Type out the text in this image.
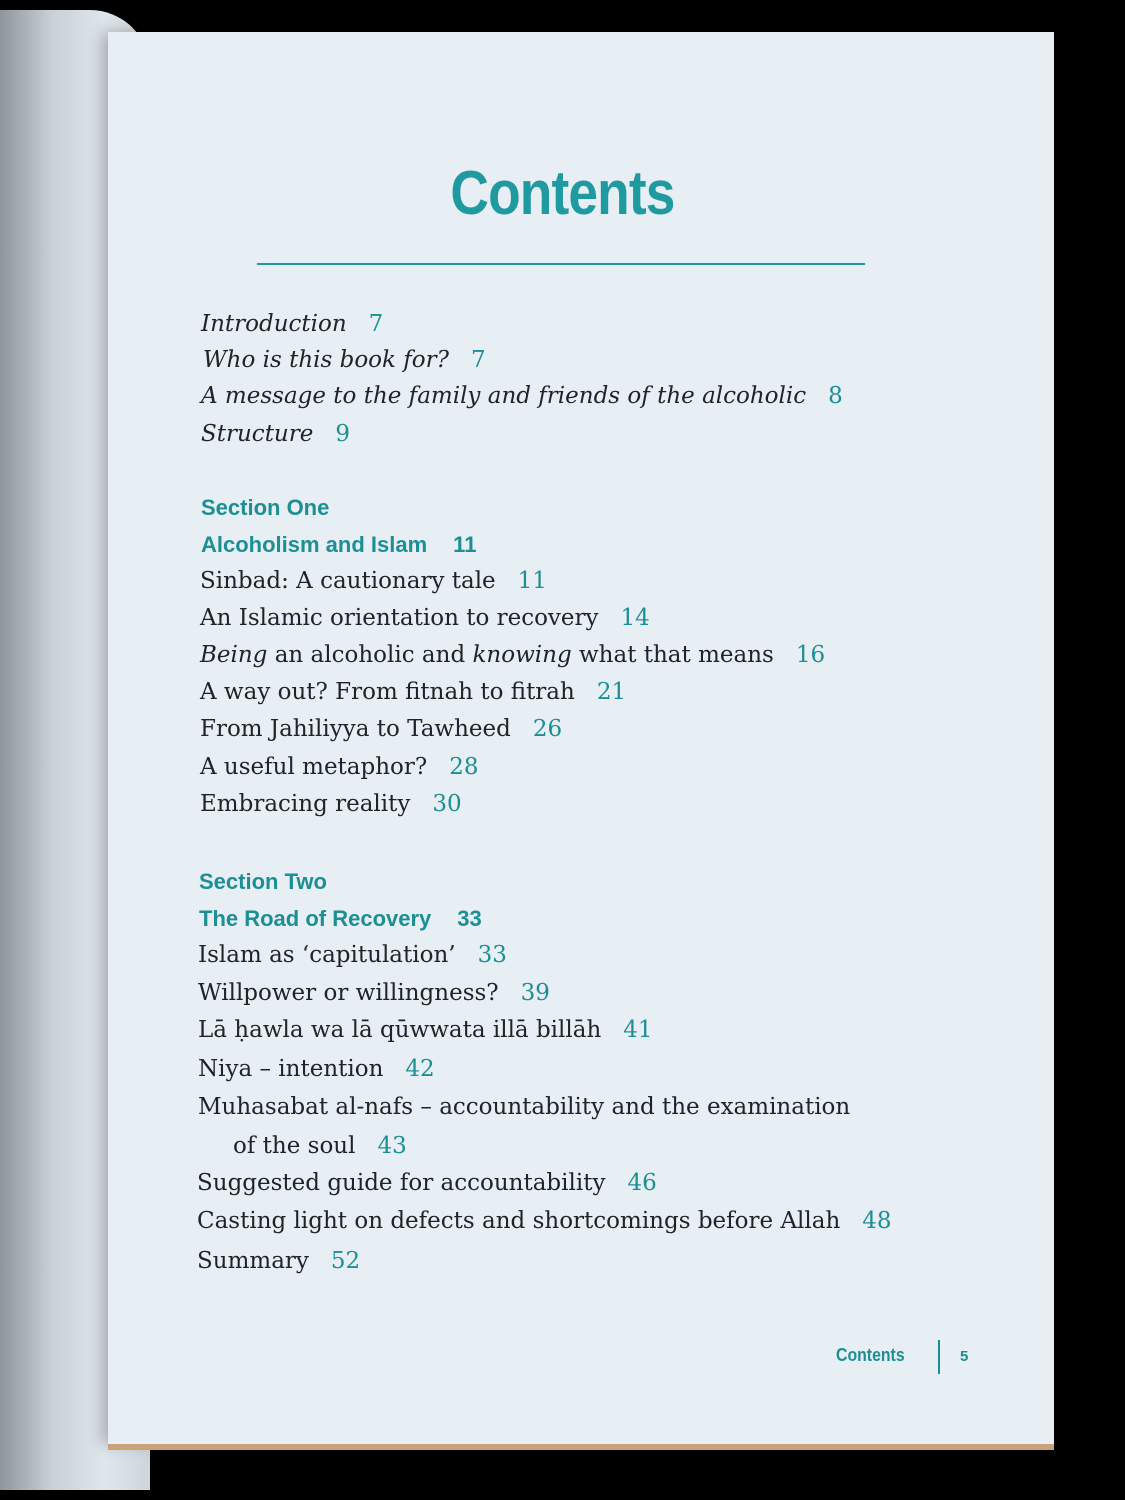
Contents
Introduction 7
Who is this book for? 7
A message to the family and friends of the alcoholic 8
Structure 9
Section One
Alcoholism and Islam 11
Sinbad: A cautionary tale 11
An Islamic orientation to recovery 14
Being an alcoholic and knowing what that means 16
A way out? From fitnah to fitrah 21
From Jahiliyya to Tawheed 26
A useful metaphor? 28
Embracing reality 30
Section Two
The Road of Recovery 33
Islam as ‘capitulation’ 33
Willpower or willingness? 39
Lā ḥawla wa lā qūwwata illā billāh 41
Niya – intention 42
Muhasabat al-nafs – accountability and the examination
of the soul 43
Suggested guide for accountability 46
Casting light on defects and shortcomings before Allah 48
Summary 52
Contents	5
